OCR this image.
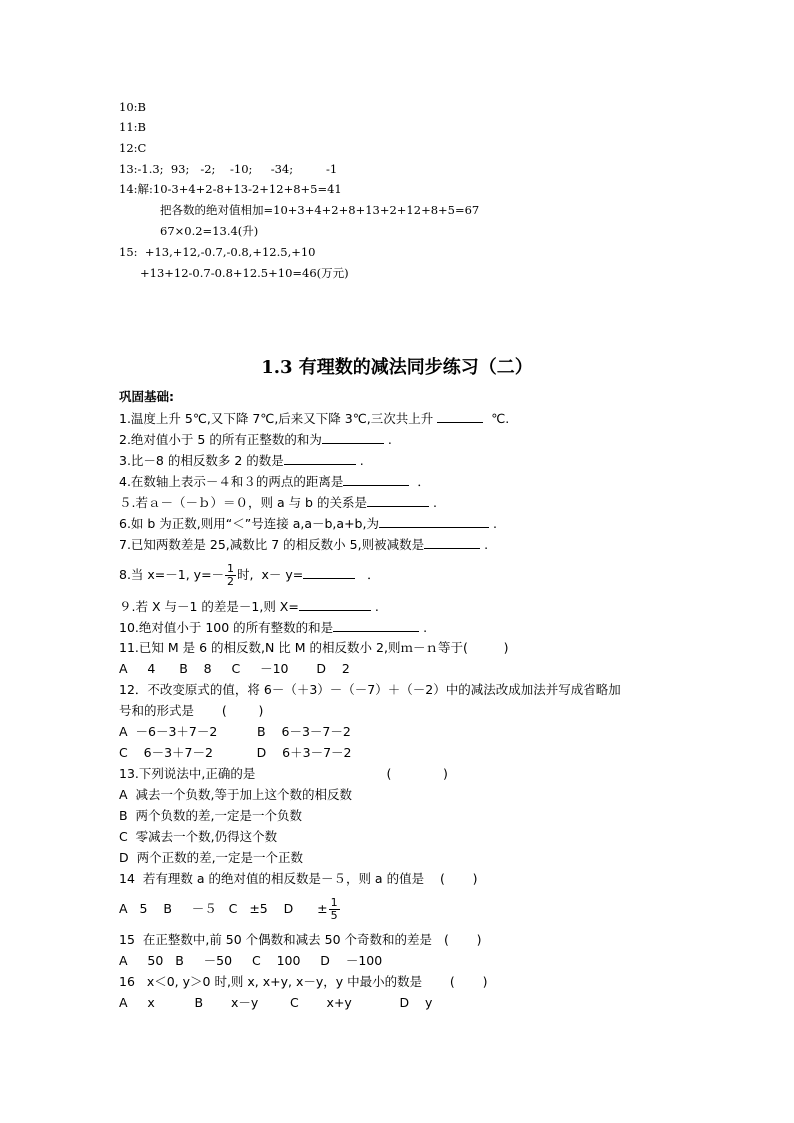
10:B
11:B
12:C
13:-1.3;  93;   -2;    -10;     -34;         -1
14:解:10-3+4+2-8+13-2+12+8+5=41
把各数的绝对值相加=10+3+4+2+8+13+2+12+8+5=67
67×0.2=13.4(升)
15:  +13,+12,-0.7,-0.8,+12.5,+10
+13+12-0.7-0.8+12.5+10=46(万元)
1.3 有理数的减法同步练习（二）
巩固基础:
1.温度上升 5℃,又下降 7℃,后来又下降 3℃,三次共上升	℃.
2.绝对值小于 5 的所有正整数的和为	.
3.比－8 的相反数多 2 的数是	.
4.在数轴上表示－４和３的两点的距离是	．
５.若ａ－（－ｂ）＝０，则 a 与 b 的关系是	.
6.如 b 为正数,则用“＜”号连接 a,a－b,a+b,为	.
7.已知两数差是 25,减数比 7 的相反数小 5,则被减数是	.
8.当 x=－1, $y=- \frac{1}{2}$ 时,  x－ y=	．
９.若 X 与－1 的差是－1,则 X=	.
10.绝对值小于 100 的所有整数的和是	.
11.已知 M 是 6 的相反数,N 比 M 的相反数小 2,则ｍ－ｎ等于(         )
A     4      B    8     C     －10       D    2
12．不改变原式的值，将 6－（＋3）－（－7）＋（－2）中的减法改成加法并写成省略加
号和的形式是       (        )
A  －6－3＋7－2          B    6－3－7－2
C    6－3＋7－2           D    6＋3－7－2
13.下列说法中,正确的是                                 (             )
A  减去一个负数,等于加上这个数的相反数
B  两个负数的差,一定是一个负数
C  零减去一个数,仍得这个数
D  两个正数的差,一定是一个正数
14  若有理数 a 的绝对值的相反数是－５，则 a 的值是    (       )
A   5    B     －５   C   ±5    D      ± $\frac{1}{5}$
15  在正整数中,前 50 个偶数和减去 50 个奇数和的差是   (       )
A     50   B     －50     C    100     D    －100
16   x＜0, y＞0 时,则 x, x+y, x－y，y 中最小的数是       (       )
A     x          B       x－y        C       x+y            D    y
